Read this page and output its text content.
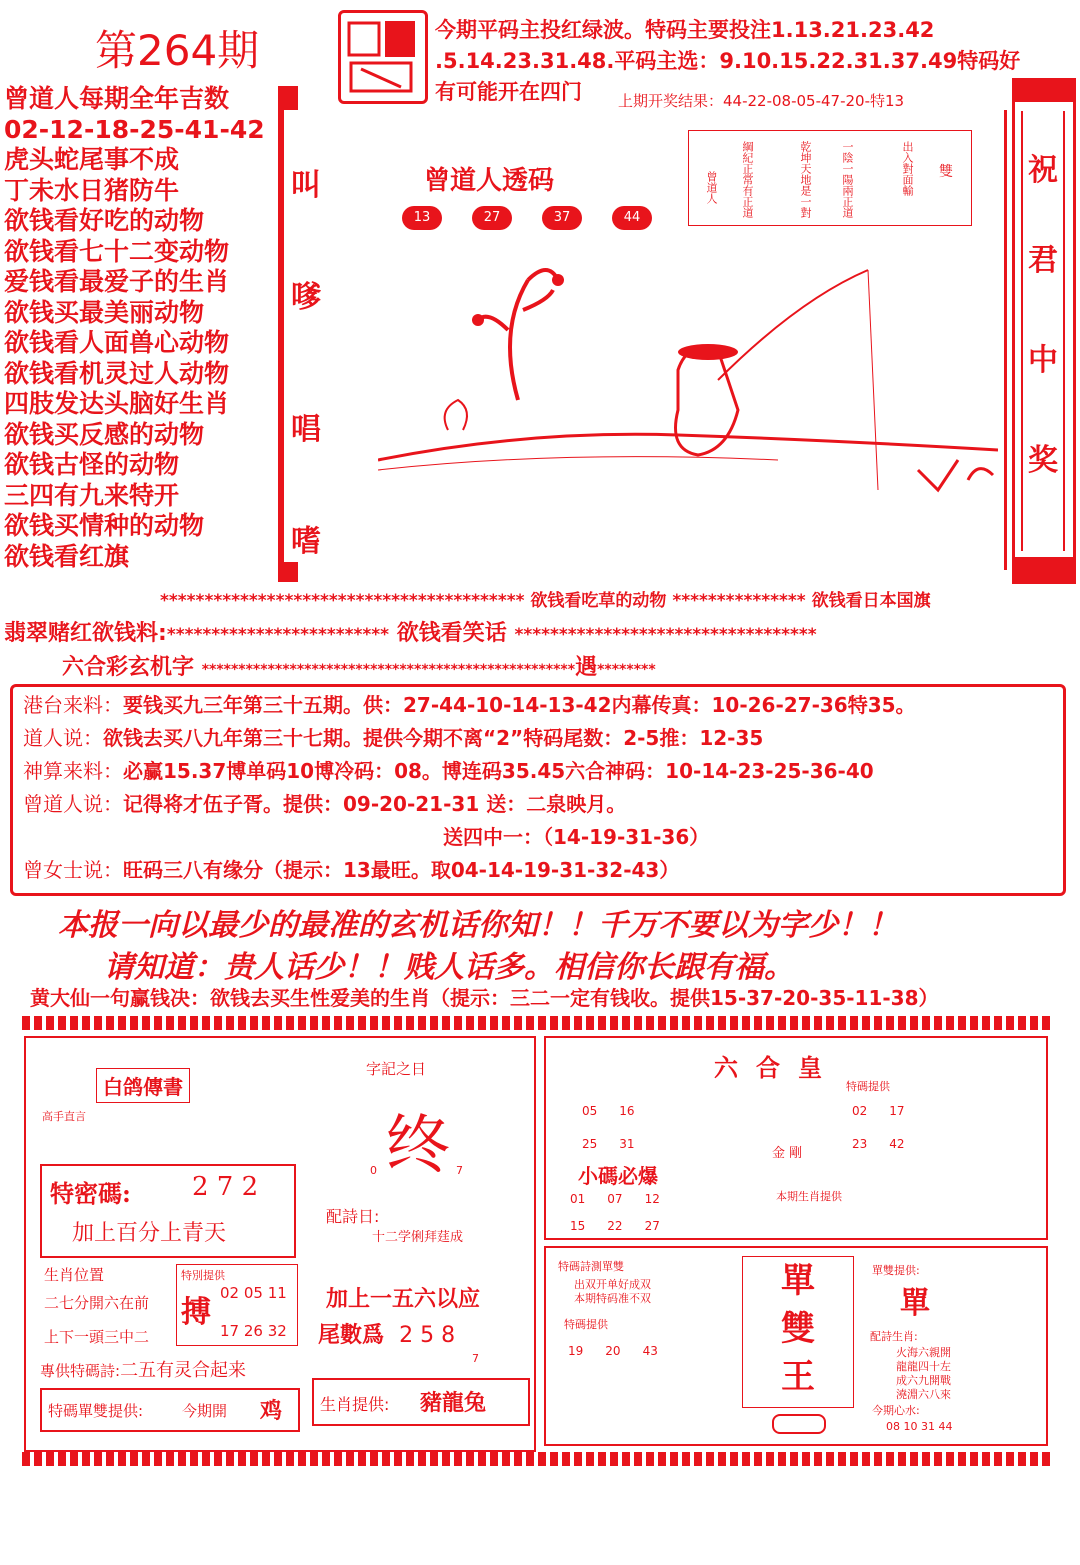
第264期	今期平码主投红绿波。特码主要投注1.13.21.23.42
.5.14.23.31.48.平码主选：9.10.15.22.31.37.49特码好
有可能开在四门 上期开奖结果：44-22-08-05-47-20-特13
曾道人每期全年吉数
02-12-18-25-41-42
虎头蛇尾事不成
丁未水日猪防牛
欲钱看好吃的动物
欲钱看七十二变动物
爱钱看最爱子的生肖
欲钱买最美丽动物
欲钱看人面兽心动物
欲钱看机灵过人动物
四肢发达头脑好生肖
欲钱买反感的动物
欲钱古怪的动物
三四有九来特开
欲钱买情种的动物
欲钱看红旗
曾道人透码
13	27	37	44
叫
嗲
唱
嗜
雙
出入對面輸
一陰一陽兩正道
乾坤天地是一對
綱紀正常有正道
曾道人	祝
君
中
奖
***************************************** 欲钱看吃草的动物 *************** 欲钱看日本国旗
翡翠赌红欲钱料:************************* 欲钱看笑话 **********************************
六合彩玄机字 ***************************************************遇********
港台来料：要钱买九三年第三十五期。供：27-44-10-14-13-42内幕传真：10-26-27-36特35。
道人说：欲钱去买八九年第三十七期。提供今期不离“2”特码尾数：2-5推：12-35
神算来料：必赢15.37博单码10博冷码：08。博连码35.45六合神码：10-14-23-25-36-40
曾道人说：记得将才伍子胥。提供：09-20-21-31 送：二泉映月。
送四中一：（14-19-31-36）
曾女士说：旺码三八有缘分（提示：13最旺。取04-14-19-31-32-43）
本报一向以最少的最准的玄机话你知！！千万不要以为字少！！
请知道：贵人话少！！贱人话多。相信你长跟有福。
黄大仙一句赢钱决：欲钱去买生性爱美的生肖（提示：三二一定有钱收。提供15-37-20-35-11-38）
白鸽傳書
高手直言
特密碼: 2 7 2
加上百分上青天
生肖位置
二七分開六在前
上下一頭三中二
特別提供
搏
02 05 11
17 26 32
專供特碼詩:二五有灵合起来
特碼單雙提供:	今期開 鸡
字記之日
终
0	7
配詩日:
十二学俐拜莛成
加上一五六以应
尾數爲 2 5 8
7
生肖提供: 豬龍兔
六合皇
特碼提供
05 16
25 31
02 17
23 42
金 剛
小碼必爆
01 07 12
15 22 27
本期生肖提供
特碼詩測單雙
出双开单好成双
本期特码准不双
特碼提供
19 20 43
單
雙
王
單雙提供:
單
配詩生肖:
火海六親開
龍龍四十左
成六九開戰
澆淵六八來
今期心水:
08 10 31 44
